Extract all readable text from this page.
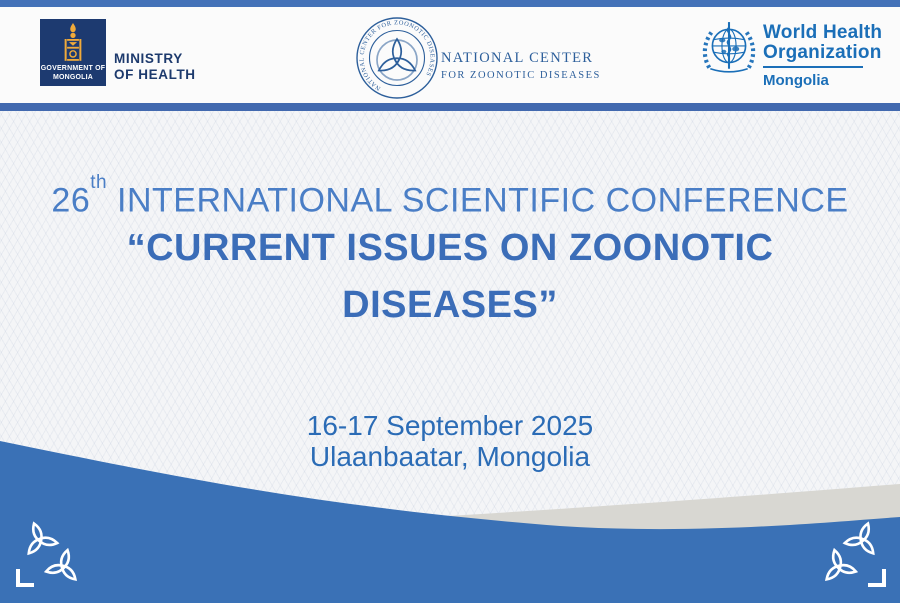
GOVERNMENT OF
MONGOLIA
MINISTRY
OF HEALTH
NATIONAL CENTER FOR ZOONOTIC DISEASES
NATIONAL CENTER
FOR ZOONOTIC DISEASES
World Health
Organization
Mongolia
26th INTERNATIONAL SCIENTIFIC CONFERENCE
“CURRENT ISSUES ON ZOONOTIC
DISEASES”
16-17 September 2025
Ulaanbaatar, Mongolia
